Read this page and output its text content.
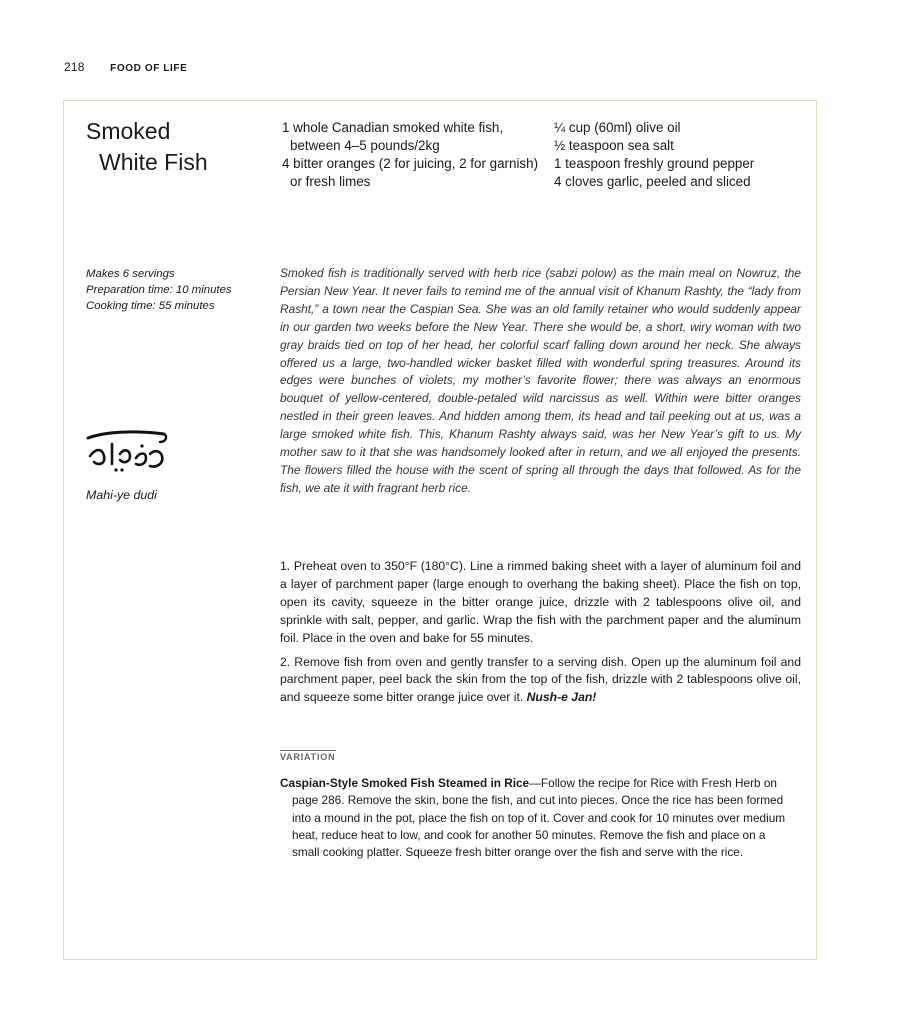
218	FOOD OF LIFE
Smoked
White Fish
1 whole Canadian smoked white fish, between 4–5 pounds/2kg
4 bitter oranges (2 for juicing, 2 for garnish) or fresh limes
¼ cup (60ml) olive oil
½ teaspoon sea salt
1 teaspoon freshly ground pepper
4 cloves garlic, peeled and sliced
Makes 6 servings
Preparation time: 10 minutes
Cooking time: 55 minutes
Mahi-ye dudi

Smoked fish is traditionally served with herb rice (sabzi polow) as the main meal on Nowruz, the Persian New Year. It never fails to remind me of the annual visit of Khanum Rashty, the “lady from Rasht,” a town near the Caspian Sea. She was an old family retainer who would suddenly appear in our garden two weeks before the New Year. There she would be, a short, wiry woman with two gray braids tied on top of her head, her colorful scarf falling down around her neck. She always offered us a large, two-handled wicker basket filled with wonderful spring treasures. Around its edges were bunches of violets, my mother’s favorite flower; there was always an enormous bouquet of yellow-centered, double-petaled wild narcissus as well. Within were bitter oranges nestled in their green leaves. And hidden among them, its head and tail peeking out at us, was a large smoked white fish. This, Khanum Rashty always said, was her New Year’s gift to us. My mother saw to it that she was handsomely looked after in return, and we all enjoyed the presents. The flowers filled the house with the scent of spring all through the days that followed. As for the fish, we ate it with fragrant herb rice.

1. Preheat oven to 350°F (180°C). Line a rimmed baking sheet with a layer of aluminum foil and a layer of parchment paper (large enough to overhang the baking sheet). Place the fish on top, open its cavity, squeeze in the bitter orange juice, drizzle with 2 tablespoons olive oil, and sprinkle with salt, pepper, and garlic. Wrap the fish with the parchment paper and the aluminum foil. Place in the oven and bake for 55 minutes.

2. Remove fish from oven and gently transfer to a serving dish. Open up the aluminum foil and parchment paper, peel back the skin from the top of the fish, drizzle with 2 tablespoons olive oil, and squeeze some bitter orange juice over it. Nush-e Jan!

VARIATION

Caspian-Style Smoked Fish Steamed in Rice—Follow the recipe for Rice with Fresh Herb on page 286. Remove the skin, bone the fish, and cut into pieces. Once the rice has been formed into a mound in the pot, place the fish on top of it. Cover and cook for 10 minutes over medium heat, reduce heat to low, and cook for another 50 minutes. Remove the fish and place on a small cooking platter. Squeeze fresh bitter orange over the fish and serve with the rice.
